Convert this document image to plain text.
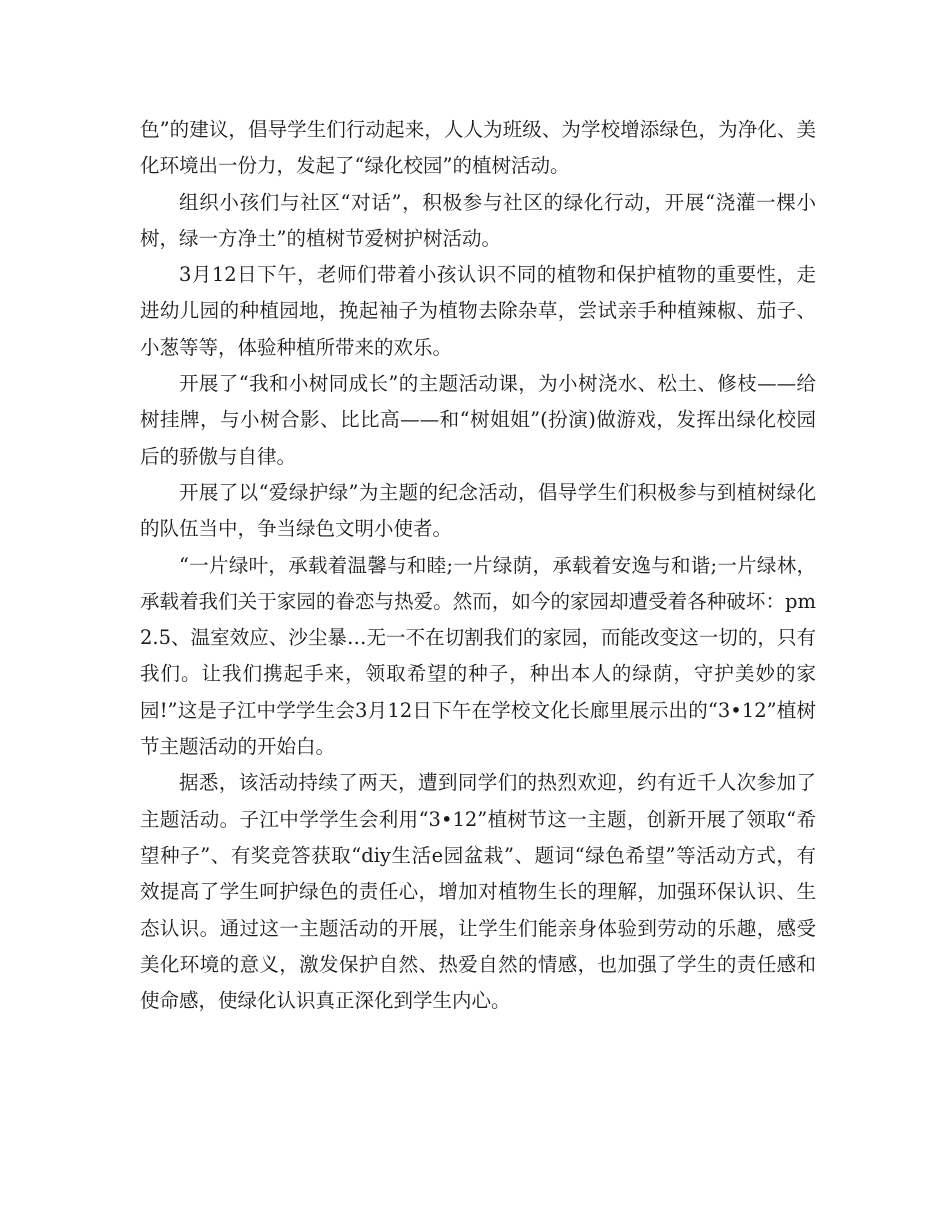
色”的建议，倡导学生们行动起来，人人为班级、为学校增添绿色，为净化、美化环境出一份力，发起了“绿化校园”的植树活动。

组织小孩们与社区“对话”，积极参与社区的绿化行动，开展“浇灌一棵小树，绿一方净土”的植树节爱树护树活动。

3月12日下午，老师们带着小孩认识不同的植物和保护植物的重要性，走进幼儿园的种植园地，挽起袖子为植物去除杂草，尝试亲手种植辣椒、茄子、小葱等等，体验种植所带来的欢乐。

开展了“我和小树同成长”的主题活动课，为小树浇水、松土、修枝——给树挂牌，与小树合影、比比高——和“树姐姐”(扮演)做游戏，发挥出绿化校园后的骄傲与自律。

开展了以“爱绿护绿”为主题的纪念活动，倡导学生们积极参与到植树绿化的队伍当中，争当绿色文明小使者。

“一片绿叶，承载着温馨与和睦;一片绿荫，承载着安逸与和谐;一片绿林，承载着我们关于家园的眷恋与热爱。然而，如今的家园却遭受着各种破坏：pm2.5、温室效应、沙尘暴…无一不在切割我们的家园，而能改变这一切的，只有我们。让我们携起手来，领取希望的种子，种出本人的绿荫，守护美妙的家园!”这是子江中学学生会3月12日下午在学校文化长廊里展示出的“3•12”植树节主题活动的开始白。

据悉，该活动持续了两天，遭到同学们的热烈欢迎，约有近千人次参加了主题活动。子江中学学生会利用“3•12”植树节这一主题，创新开展了领取“希望种子”、有奖竞答获取“diy生活e园盆栽”、题词“绿色希望”等活动方式，有效提高了学生呵护绿色的责任心，增加对植物生长的理解，加强环保认识、生态认识。通过这一主题活动的开展，让学生们能亲身体验到劳动的乐趣，感受美化环境的意义，激发保护自然、热爱自然的情感，也加强了学生的责任感和使命感，使绿化认识真正深化到学生内心。
